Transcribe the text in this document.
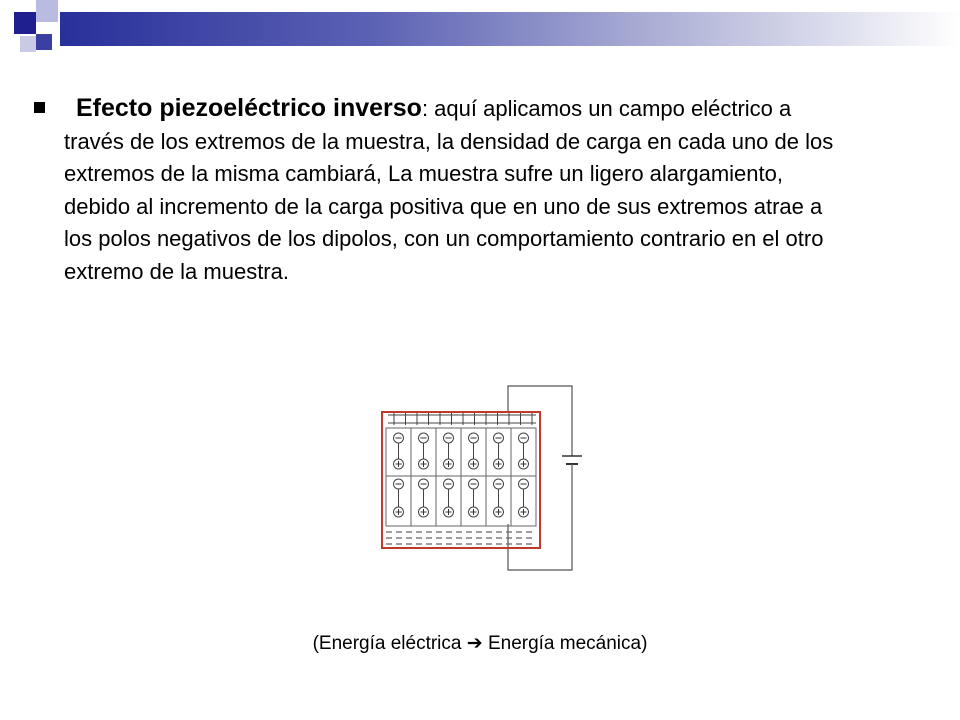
Efecto piezoeléctrico inverso: aquí aplicamos un campo eléctrico a través de los extremos de la muestra, la densidad de carga en cada uno de los extremos de la misma cambiará, La muestra sufre un ligero alargamiento, debido al incremento de la carga positiva que en uno de sus extremos atrae a los polos negativos de los dipolos, con un comportamiento contrario en el otro extremo de la muestra.
(Energía eléctrica ➔ Energía mecánica)
